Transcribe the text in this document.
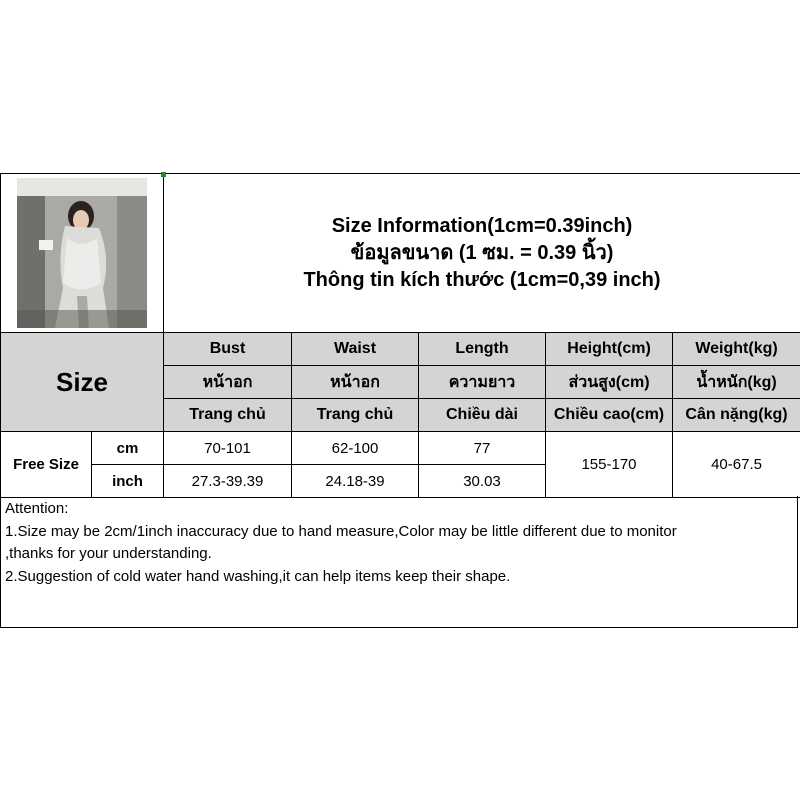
Size Information(1cm=0.39inch)
ข้อมูลขนาด (1 ซม. = 0.39 นิ้ว)
Thông tin kích thước (1cm=0,39 inch)				

Size		Bust	Waist	Length	Height(cm)	Weight(kg)
		หน้าอก	หน้าอก	ความยาว	ส่วนสูง(cm)	น้ำหนัก(kg)
		Trang chủ	Trang chủ	Chiều dài	Chiều cao(cm)	Cân nặng(kg)
Free Size	cm	70-101	62-100	77	155-170	40-67.5
	inch	27.3-39.39	24.18-39	30.03		
Attention:
1.Size may be 2cm/1inch inaccuracy due to hand measure,Color may be little different due to monitor
,thanks for your understanding.
2.Suggestion of cold water hand washing,it can help items keep their shape.
